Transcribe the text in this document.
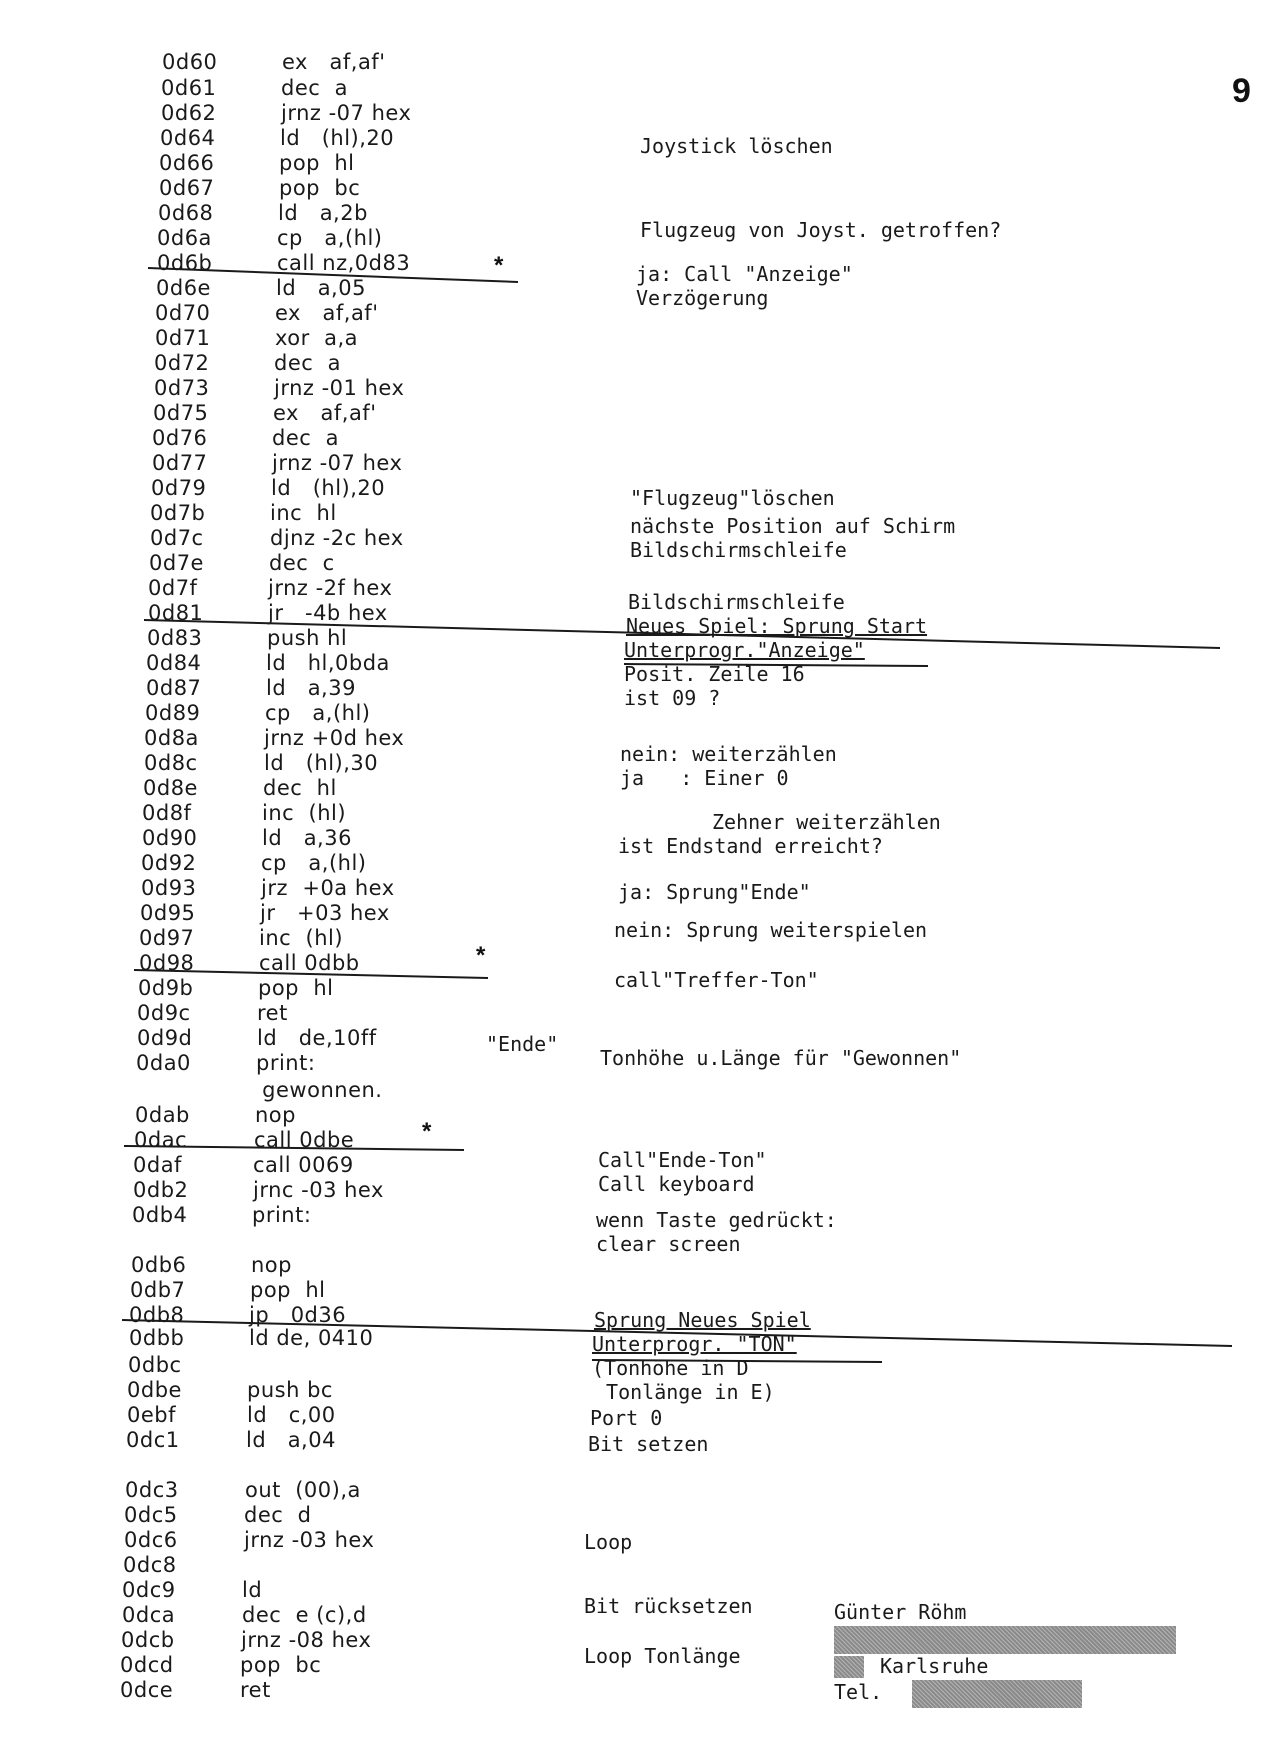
9
0d60	ex   af,af'
0d61	dec  a
0d62	jrnz -07 hex
0d64	ld   (hl),20
0d66	pop  hl
0d67	pop  bc
0d68	ld   a,2b
0d6a	cp   a,(hl)
0d6b	call nz,0d83
0d6e	ld   a,05
0d70	ex   af,af'
0d71	xor  a,a
0d72	dec  a
0d73	jrnz -01 hex
0d75	ex   af,af'
0d76	dec  a
0d77	jrnz -07 hex
0d79	ld   (hl),20
0d7b	inc  hl
0d7c	djnz -2c hex
0d7e	dec  c
0d7f	jrnz -2f hex
0d81	jr   -4b hex
0d83	push hl
0d84	ld   hl,0bda
0d87	ld   a,39
0d89	cp   a,(hl)
0d8a	jrnz +0d hex
0d8c	ld   (hl),30
0d8e	dec  hl
0d8f	inc  (hl)
0d90	ld   a,36
0d92	cp   a,(hl)
0d93	jrz  +0a hex
0d95	jr   +03 hex
0d97	inc  (hl)
0d98	call 0dbb
0d9b	pop  hl
0d9c	ret
0d9d	ld   de,10ff
0da0	print:
gewonnen.
0dab	nop
0dac	call 0dbe
0daf	call 0069
0db2	jrnc -03 hex
0db4	print:
0db6	nop
0db7	pop  hl
0db8	jp   0d36
0dbb	ld de, 0410
0dbc
0dbe	push bc
0ebf	ld   c,00
0dc1	ld   a,04
0dc3	out  (00),a
0dc5	dec  d
0dc6	jrnz -03 hex
0dc8
0dc9	ld
0dca	dec  e (c),d
0dcb	jrnz -08 hex
0dcd	pop  bc
0dce	ret
"Ende"
Joystick löschen
Flugzeug von Joyst. getroffen?
ja: Call "Anzeige"
Verzögerung
"Flugzeug"löschen
nächste Position auf Schirm
Bildschirmschleife
Bildschirmschleife
Neues Spiel: Sprung Start
Unterprogr."Anzeige"
Posit. Zeile 16
ist 09 ?
nein: weiterzählen
ja   : Einer 0
Zehner weiterzählen
ist Endstand erreicht?
ja: Sprung"Ende"
nein: Sprung weiterspielen
call"Treffer-Ton"
Tonhöhe u.Länge für "Gewonnen"
Call"Ende-Ton"
Call keyboard
wenn Taste gedrückt:
clear screen
Sprung Neues Spiel
Unterprogr. "TON"
(Tonhöhe in D
Tonlänge in E)
Port 0
Bit setzen
Loop
Bit rücksetzen
Loop Tonlänge
Günter Röhm
Karlsruhe
Tel.
*
*
*
